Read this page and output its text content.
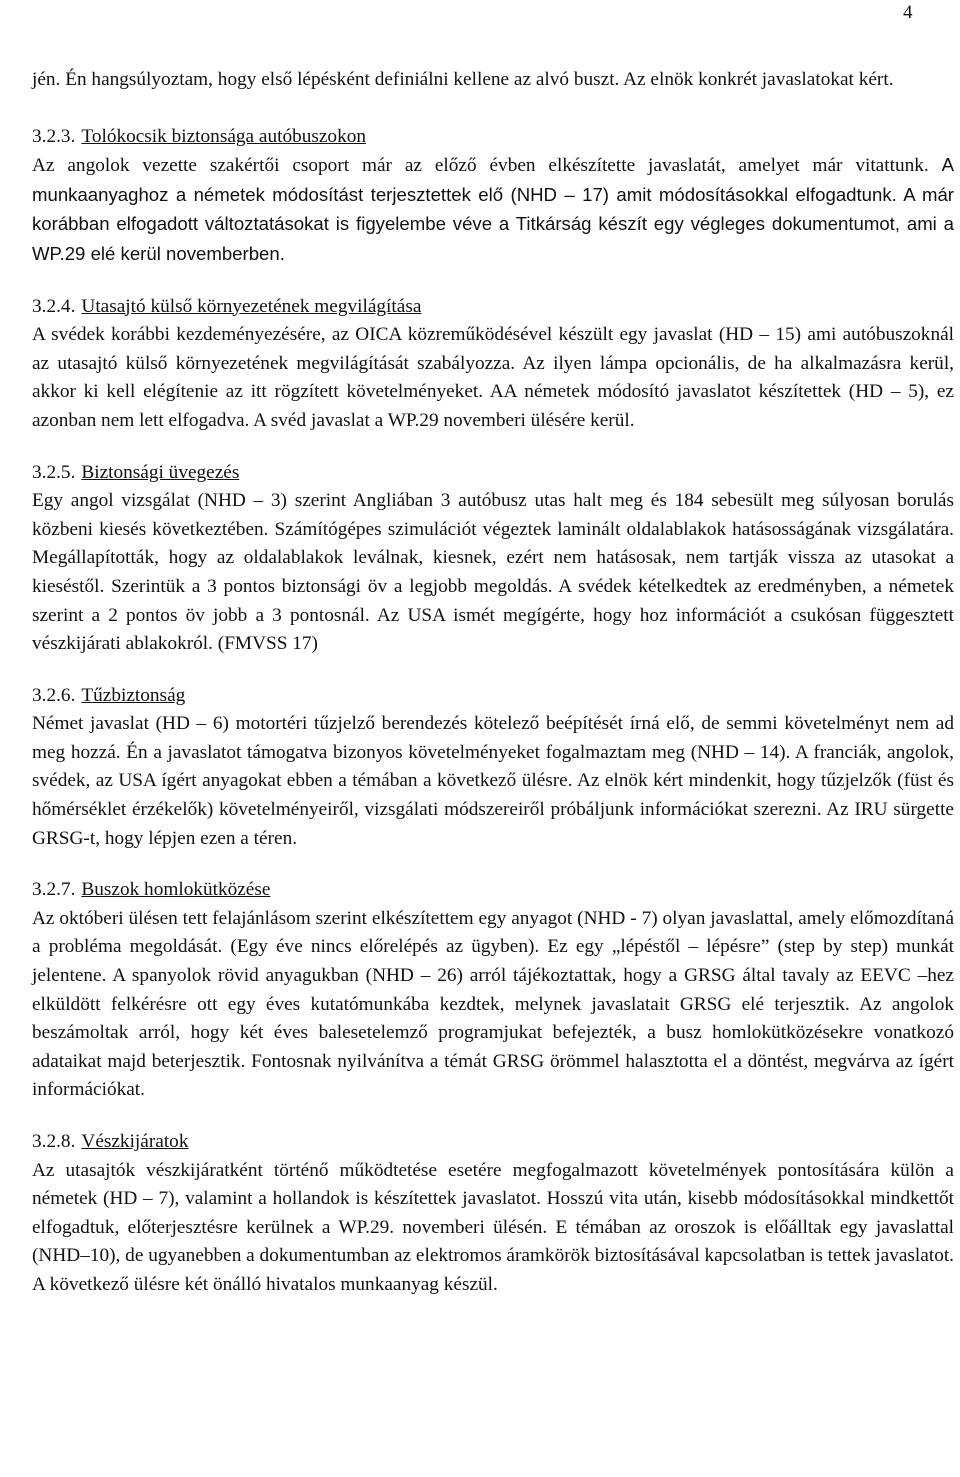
4

jén. Én hangsúlyoztam, hogy első lépésként definiálni kellene az alvó buszt. Az elnök konkrét javaslatokat kért.

3.2.3. Tolókocsik biztonsága autóbuszokon

Az angolok vezette szakértői csoport már az előző évben elkészítette javaslatát, amelyet már vitattunk. A munkaanyaghoz a németek módosítást terjesztettek elő (NHD – 17) amit módosításokkal elfogadtunk. A már korábban elfogadott változtatásokat is figyelembe véve a Titkárság készít egy végleges dokumentumot, ami a WP.29 elé kerül novemberben.

3.2.4. Utasajtó külső környezetének megvilágítása

A svédek korábbi kezdeményezésére, az OICA közreműködésével készült egy javaslat (HD – 15) ami autóbuszoknál az utasajtó külső környezetének megvilágítását szabályozza. Az ilyen lámpa opcionális, de ha alkalmazásra kerül, akkor ki kell elégítenie az itt rögzített követelményeket. AA németek módosító javaslatot készítettek (HD – 5), ez azonban nem lett elfogadva. A svéd javaslat a WP.29 novemberi ülésére kerül.

3.2.5. Biztonsági üvegezés

Egy angol vizsgálat (NHD – 3) szerint Angliában 3 autóbusz utas halt meg és 184 sebesült meg súlyosan borulás közbeni kiesés következtében. Számítógépes szimulációt végeztek laminált oldalablakok hatásosságának vizsgálatára. Megállapították, hogy az oldalablakok leválnak, kiesnek, ezért nem hatásosak, nem tartják vissza az utasokat a kieséstől. Szerintük a 3 pontos biztonsági öv a legjobb megoldás. A svédek kételkedtek az eredményben, a németek szerint a 2 pontos öv jobb a 3 pontosnál. Az USA ismét megígérte, hogy hoz információt a csukósan függesztett vészkijárati ablakokról. (FMVSS 17)

3.2.6. Tűzbiztonság

Német javaslat (HD – 6) motortéri tűzjelző berendezés kötelező beépítését írná elő, de semmi követelményt nem ad meg hozzá. Én a javaslatot támogatva bizonyos követelményeket fogalmaztam meg (NHD – 14). A franciák, angolok, svédek, az USA ígért anyagokat ebben a témában a következő ülésre. Az elnök kért mindenkit, hogy tűzjelzők (füst és hőmérséklet érzékelők) követelményeiről, vizsgálati módszereiről próbáljunk információkat szerezni. Az IRU sürgette GRSG-t, hogy lépjen ezen a téren.

3.2.7. Buszok homlokütközése

Az októberi ülésen tett felajánlásom szerint elkészítettem egy anyagot (NHD - 7) olyan javaslattal, amely előmozdítaná a probléma megoldását. (Egy éve nincs előrelépés az ügyben). Ez egy „lépéstől – lépésre” (step by step) munkát jelentene. A spanyolok rövid anyagukban (NHD – 26) arról tájékoztattak, hogy a GRSG által tavaly az EEVC –hez elküldött felkérésre ott egy éves kutatómunkába kezdtek, melynek javaslatait GRSG elé terjesztik. Az angolok beszámoltak arról, hogy két éves balesetelemző programjukat befejezték, a busz homlokütközésekre vonatkozó adataikat majd beterjesztik. Fontosnak nyilvánítva a témát GRSG örömmel halasztotta el a döntést, megvárva az ígért információkat.

3.2.8. Vészkijáratok

Az utasajtók vészkijáratként történő működtetése esetére megfogalmazott követelmények pontosítására külön a németek (HD – 7), valamint a hollandok is készítettek javaslatot. Hosszú vita után, kisebb módosításokkal mindkettőt elfogadtuk, előterjesztésre kerülnek a WP.29. novemberi ülésén. E témában az oroszok is előálltak egy javaslattal (NHD–10), de ugyanebben a dokumentumban az elektromos áramkörök biztosításával kapcsolatban is tettek javaslatot. A következő ülésre két önálló hivatalos munkaanyag készül.
